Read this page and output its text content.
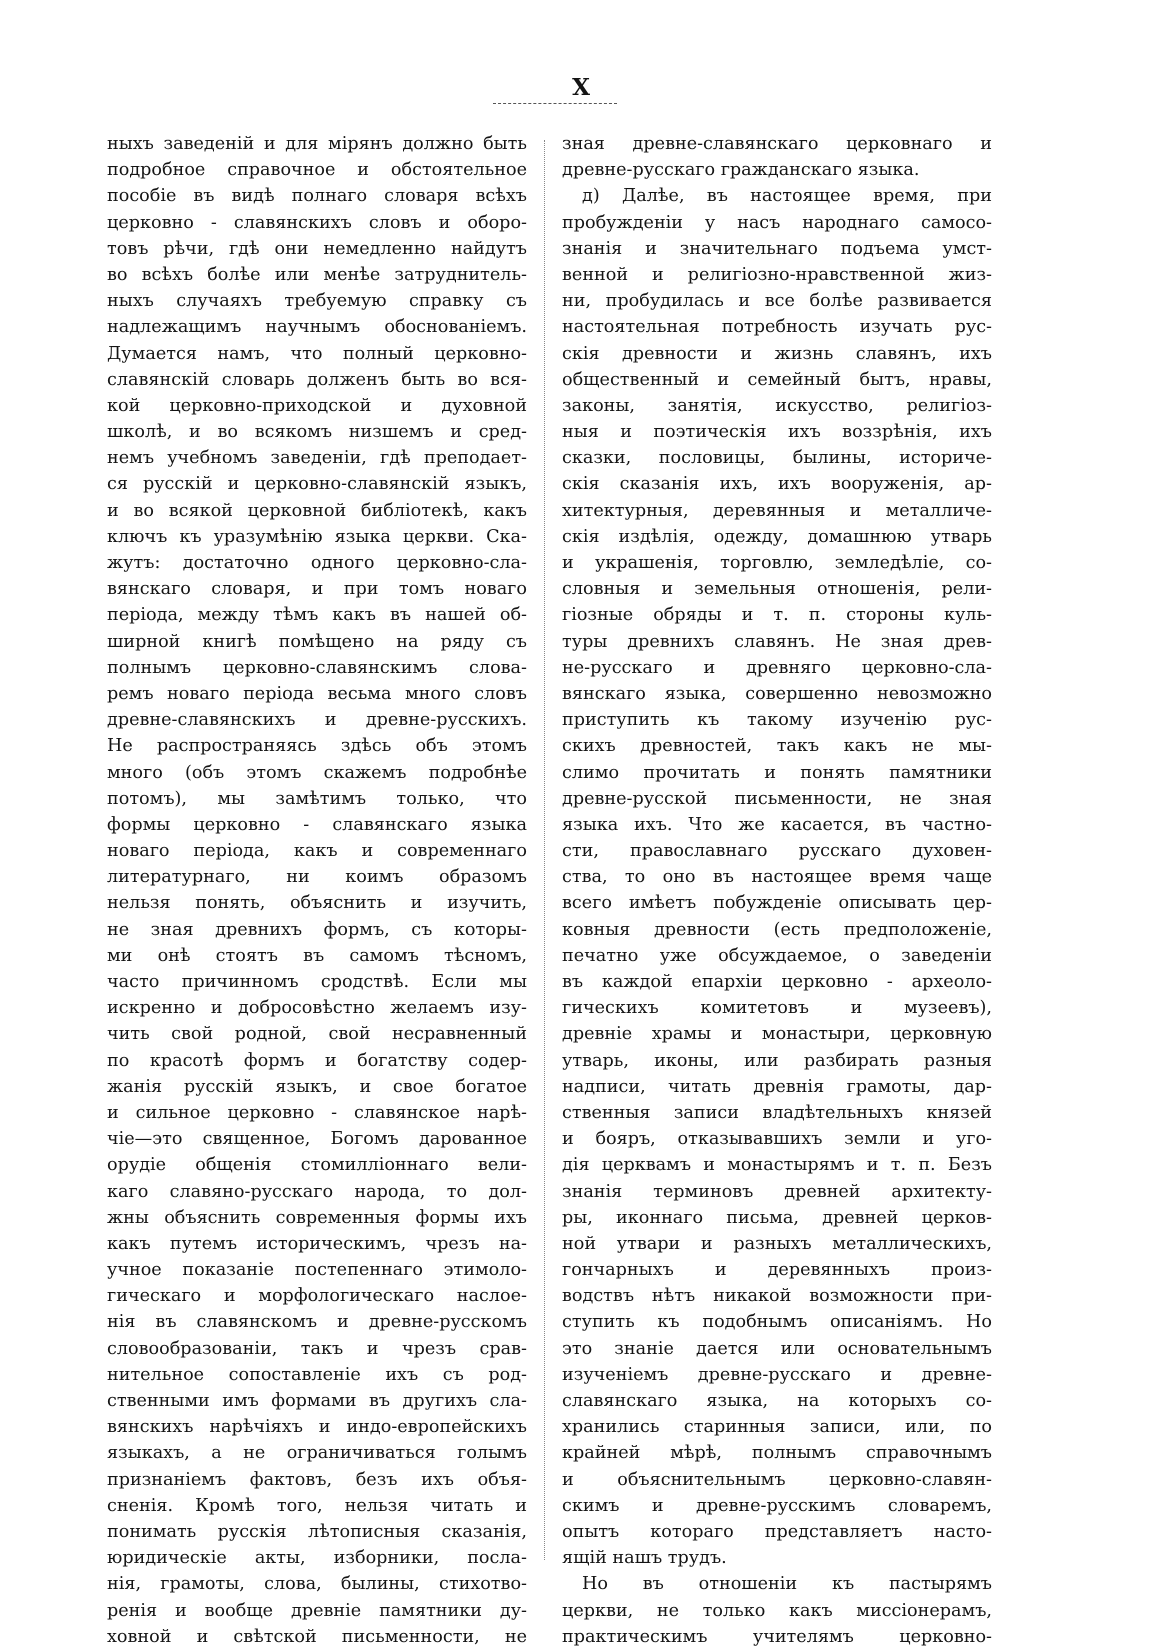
X
ныхъ заведеній и для мірянъ должно быть
подробное справочное и обстоятельное
пособіе въ видѣ полнаго словаря всѣхъ
церковно - славянскихъ словъ и оборо-
товъ рѣчи, гдѣ они немедленно найдутъ
во всѣхъ болѣе или менѣе затруднитель-
ныхъ случаяхъ требуемую справку съ
надлежащимъ научнымъ обоснованіемъ.
Думается намъ, что полный церковно-
славянскій словарь долженъ быть во вся-
кой церковно-приходской и духовной
школѣ, и во всякомъ низшемъ и сред-
немъ учебномъ заведеніи, гдѣ преподает-
ся русскій и церковно-славянскій языкъ,
и во всякой церковной библіотекѣ, какъ
ключъ къ уразумѣнію языка церкви. Ска-
жутъ: достаточно одного церковно-сла-
вянскаго словаря, и при томъ новаго
періода, между тѣмъ какъ въ нашей об-
ширной книгѣ помѣщено на ряду съ
полнымъ церковно-славянскимъ слова-
ремъ новаго періода весьма много словъ
древне-славянскихъ и древне-русскихъ.
Не распространяясь здѣсь объ этомъ
много (объ этомъ скажемъ подробнѣе
потомъ), мы замѣтимъ только, что
формы церковно - славянскаго языка
новаго періода, какъ и современнаго
литературнаго, ни коимъ образомъ
нельзя понять, объяснить и изучить,
не зная древнихъ формъ, съ которы-
ми онѣ стоятъ въ самомъ тѣсномъ,
часто причинномъ сродствѣ. Если мы
искренно и добросовѣстно желаемъ изу-
чить свой родной, свой несравненный
по красотѣ формъ и богатству содер-
жанія русскій языкъ, и свое богатое
и сильное церковно - славянское нарѣ-
чіе—это священное, Богомъ дарованное
орудіе общенія стомилліоннаго вели-
каго славяно-русскаго народа, то дол-
жны объяснить современныя формы ихъ
какъ путемъ историческимъ, чрезъ на-
учное показаніе постепеннаго этимоло-
гическаго и морфологическаго наслое-
нія въ славянскомъ и древне-русскомъ
словообразованіи, такъ и чрезъ срав-
нительное сопоставленіе ихъ съ род-
ственными имъ формами въ другихъ сла-
вянскихъ нарѣчіяхъ и индо-европейскихъ
языкахъ, а не ограничиваться голымъ
признаніемъ фактовъ, безъ ихъ объя-
сненія. Кромѣ того, нельзя читать и
понимать русскія лѣтописныя сказанія,
юридическіе акты, изборники, посла-
нія, грамоты, слова, былины, стихотво-
ренія и вообще древніе памятники ду-
ховной и свѣтской письменности, не
зная древне-славянскаго церковнаго и
древне-русскаго гражданскаго языка.
д) Далѣе, въ настоящее время, при
пробужденіи у насъ народнаго самосо-
знанія и значительнаго подъема умст-
венной и религіозно-нравственной жиз-
ни, пробудилась и все болѣе развивается
настоятельная потребность изучать рус-
скія древности и жизнь славянъ, ихъ
общественный и семейный бытъ, нравы,
законы, занятія, искусство, религіоз-
ныя и поэтическія ихъ воззрѣнія, ихъ
сказки, пословицы, былины, историче-
скія сказанія ихъ, ихъ вооруженія, ар-
хитектурныя, деревянныя и металличе-
скія издѣлія, одежду, домашнюю утварь
и украшенія, торговлю, земледѣліе, со-
словныя и земельныя отношенія, рели-
гіозные обряды и т. п. стороны куль-
туры древнихъ славянъ. Не зная древ-
не-русскаго и древняго церковно-сла-
вянскаго языка, совершенно невозможно
приступить къ такому изученію рус-
скихъ древностей, такъ какъ не мы-
слимо прочитать и понять памятники
древне-русской письменности, не зная
языка ихъ. Что же касается, въ частно-
сти, православнаго русскаго духовен-
ства, то оно въ настоящее время чаще
всего имѣетъ побужденіе описывать цер-
ковныя древности (есть предположеніе,
печатно уже обсуждаемое, о заведеніи
въ каждой епархіи церковно - археоло-
гическихъ комитетовъ и музеевъ),
древніе храмы и монастыри, церковную
утварь, иконы, или разбирать разныя
надписи, читать древнія грамоты, дар-
ственныя записи владѣтельныхъ князей
и бояръ, отказывавшихъ земли и уго-
дія церквамъ и монастырямъ и т. п. Безъ
знанія терминовъ древней архитекту-
ры, иконнаго письма, древней церков-
ной утвари и разныхъ металлическихъ,
гончарныхъ и деревянныхъ произ-
водствъ нѣтъ никакой возможности при-
ступить къ подобнымъ описаніямъ. Но
это знаніе дается или основательнымъ
изученіемъ древне-русскаго и древне-
славянскаго языка, на которыхъ со-
хранились старинныя записи, или, по
крайней мѣрѣ, полнымъ справочнымъ
и объяснительнымъ церковно-славян-
скимъ и древне-русскимъ словаремъ,
опытъ котораго представляетъ насто-
ящій нашъ трудъ.
Но въ отношеніи къ пастырямъ
церкви, не только какъ миссіонерамъ,
практическимъ учителямъ церковно-
